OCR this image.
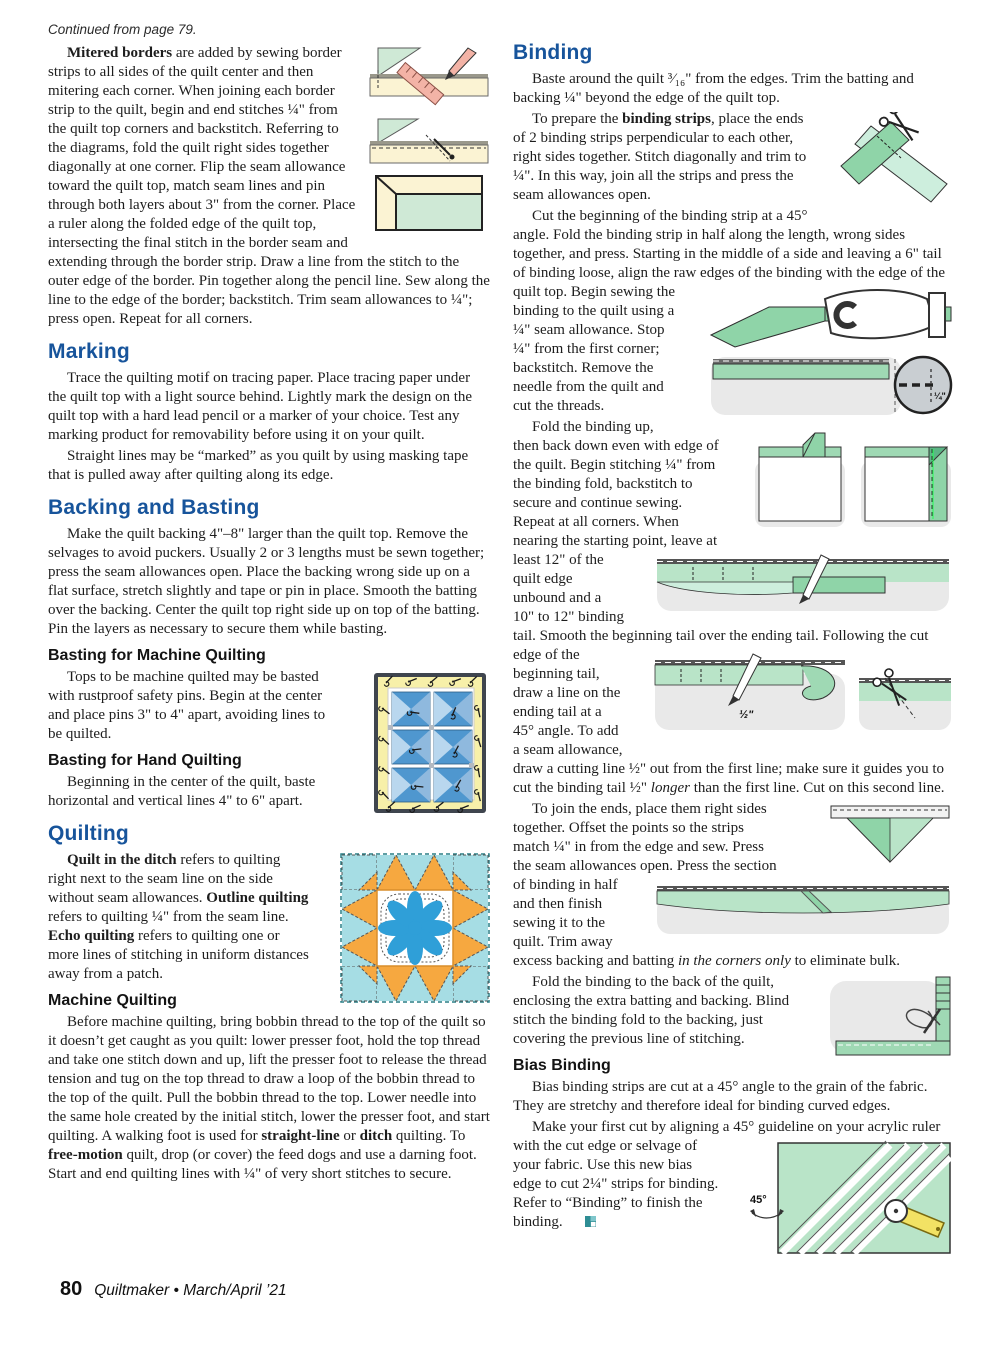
Continued from page 79.

Mitered borders are added by sewing border strips to all sides of the quilt center and then mitering each corner. When joining each border strip to the quilt, begin and end stitches ¼" from the quilt top corners and backstitch. Referring to the diagrams, fold the quilt right sides together diagonally at one corner. Flip the seam allowance toward the quilt top, match seam lines and pin through both layers about 3" from the corner. Place a ruler along the folded edge of the quilt top, intersecting the final stitch in the border seam and extending through the border strip. Draw a line from the stitch to the outer edge of the border. Pin together along the pencil line. Sew along the line to the edge of the border; backstitch. Trim seam allowances to ¼"; press open. Repeat for all corners.

Marking

Trace the quilting motif on tracing paper. Place tracing paper under the quilt top with a light source behind. Lightly mark the design on the quilt top with a hard lead pencil or a marker of your choice. Test any marking product for removability before using it on your quilt.

Straight lines may be “marked” as you quilt by using masking tape that is pulled away after quilting along its edge.

Backing and Basting

Make the quilt backing 4"–8" larger than the quilt top. Remove the selvages to avoid puckers. Usually 2 or 3 lengths must be sewn together; press the seam allowances open. Place the backing wrong side up on a flat surface, stretch slightly and tape or pin in place. Smooth the batting over the backing. Center the quilt top right side up on top of the batting. Pin the layers as necessary to secure them while basting.

Basting for Machine Quilting

Tops to be machine quilted may be basted with rustproof safety pins. Begin at the center and place pins 3" to 4" apart, avoiding lines to be quilted.

Basting for Hand Quilting

Beginning in the center of the quilt, baste horizontal and vertical lines 4" to 6" apart.

Quilting

Quilt in the ditch refers to quilting right next to the seam line on the side without seam allowances. Outline quilting refers to quilting ¼" from the seam line. Echo quilting refers to quilting one or more lines of stitching in uniform distances away from a patch.

Machine Quilting

Before machine quilting, bring bobbin thread to the top of the quilt so it doesn’t get caught as you quilt: lower presser foot, hold the top thread and take one stitch down and up, lift the presser foot to release the thread tension and tug on the top thread to draw a loop of the bobbin thread to the top of the quilt. Pull the bobbin thread to the top. Lower needle into the same hole created by the initial stitch, lower the presser foot, and start quilting. A walking foot is used for straight-line or ditch quilting. To free-motion quilt, drop (or cover) the feed dogs and use a darning foot. Start and end quilting lines with ¼" of very short stitches to secure.

Binding

Baste around the quilt ³⁄₁₆" from the edges. Trim the batting and backing ¼" beyond the edge of the quilt top.

To prepare the binding strips, place the ends of 2 binding strips perpendicular to each other, right sides together. Stitch diagonally and trim to ¼". In this way, join all the strips and press the seam allowances open.

Cut the beginning of the binding strip at a 45° angle. Fold the binding strip in half along the length, wrong sides together, and press. Starting in the middle of a side and leaving a 6" tail of binding loose, align the raw edges of the binding with the
¼"
edge of the quilt top. Begin sewing the binding to the quilt using a ¼" seam allowance. Stop ¼" from the first corner; backstitch. Remove the needle from the quilt and cut the threads.

Fold the binding up, then back down even with edge of the quilt. Begin stitching ¼" from the binding fold, backstitch to secure and continue sewing. Repeat at all corners. When nearing the starting point,
leave at least 12" of the quilt edge unbound and a 10" to 12" binding tail. Smooth the beginning tail over the ending tail. Following the cut
½"
edge of the beginning tail, draw a line on the ending tail at a 45° angle. To add a seam allowance, draw a cutting line ½" out from the first line; make sure it guides you to cut the binding tail ½" longer than the first line. Cut on this second line.

To join the ends, place them right sides together. Offset the points so
the strips match ¼" in from the edge and sew. Press the seam allowances open. Press the section of binding in half and then finish sewing it to the quilt. Trim away excess backing and batting in the corners only to eliminate bulk.

Fold the binding to the back of the quilt, enclosing the extra batting and backing. Blind stitch the binding fold to the backing, just covering the previous line of stitching.

Bias Binding

Bias binding strips are cut at a 45° angle to the grain of the fabric. They are stretchy and therefore ideal for binding curved edges.

Make your first cut by aligning a 45° guideline on your acrylic
45°
ruler with the cut edge or selvage of your fabric. Use this new bias edge to cut 2¼" strips for binding. Refer to “Binding” to finish the binding.

80 Quiltmaker • March/April ’21
